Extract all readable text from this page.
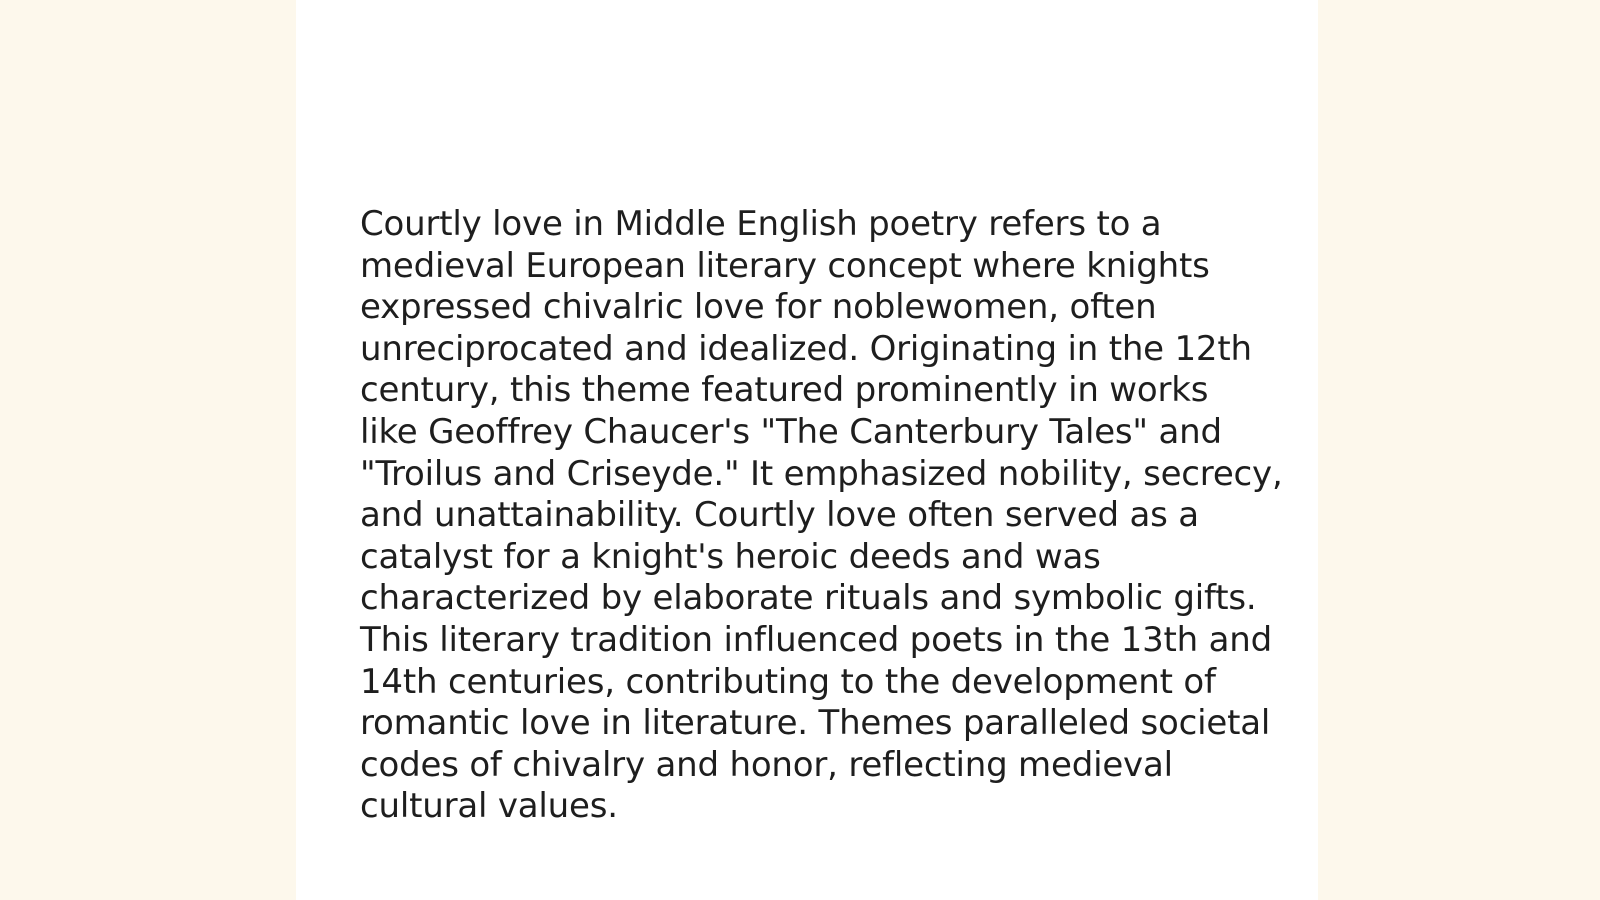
Courtly love in Middle English poetry refers to a
medieval European literary concept where knights
expressed chivalric love for noblewomen, often
unreciprocated and idealized. Originating in the 12th
century, this theme featured prominently in works
like Geoffrey Chaucer's "The Canterbury Tales" and
"Troilus and Criseyde." It emphasized nobility, secrecy,
and unattainability. Courtly love often served as a
catalyst for a knight's heroic deeds and was
characterized by elaborate rituals and symbolic gifts.
This literary tradition influenced poets in the 13th and
14th centuries, contributing to the development of
romantic love in literature. Themes paralleled societal
codes of chivalry and honor, reflecting medieval
cultural values.
